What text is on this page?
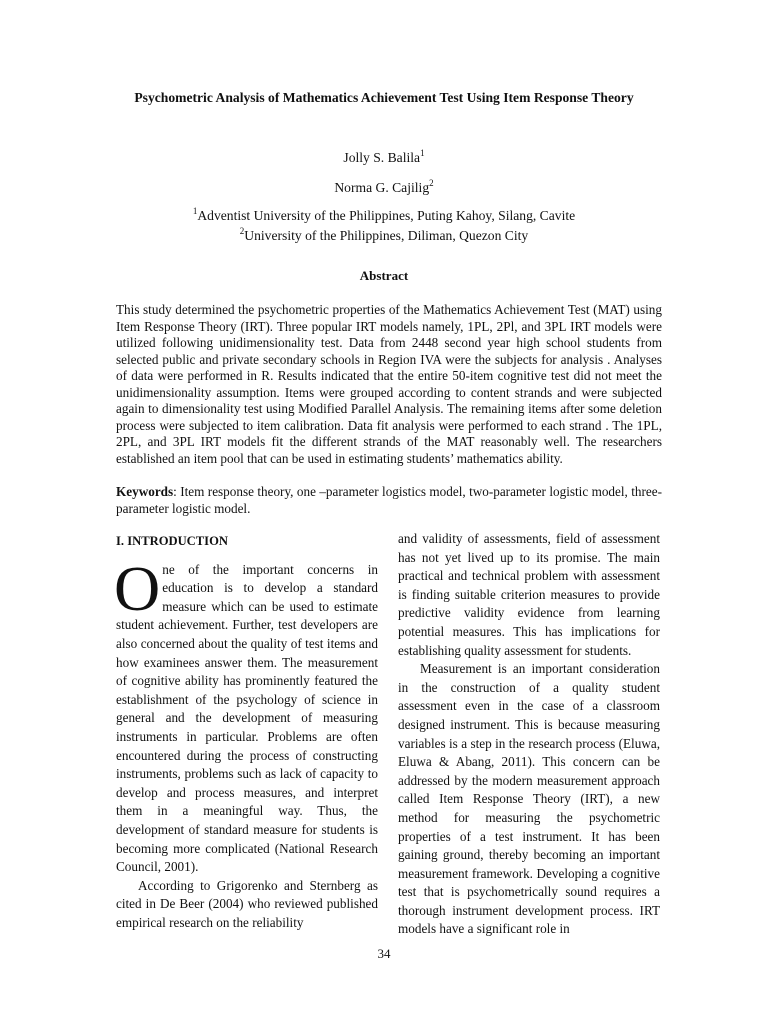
Psychometric Analysis of Mathematics Achievement Test Using Item Response Theory
Jolly S. Balila$^1$
Norma G. Cajilig$^2$
$^1$Adventist University of the Philippines, Puting Kahoy, Silang, Cavite
$^2$University of the Philippines, Diliman, Quezon City
Abstract
This study determined the psychometric properties of the Mathematics Achievement Test (MAT) using Item Response Theory (IRT). Three popular IRT models namely, 1PL, 2Pl, and 3PL IRT models were utilized following unidimensionality test. Data from 2448 second year high school students from selected public and private secondary schools in Region IVA were the subjects for analysis . Analyses of data were performed in R. Results indicated that the entire 50-item cognitive test did not meet the unidimensionality assumption. Items were grouped according to content strands and were subjected again to dimensionality test using Modified Parallel Analysis. The remaining items after some deletion process were subjected to item calibration. Data fit analysis were performed to each strand . The 1PL, 2PL, and 3PL IRT models fit the different strands of the MAT reasonably well. The researchers established an item pool that can be used in estimating students’ mathematics ability.
Keywords: Item response theory, one –parameter logistics model, two-parameter logistic model, three-parameter logistic model.
I. INTRODUCTION

One of the important concerns in education is to develop a standard measure which can be used to estimate student achievement. Further, test developers are also concerned about the quality of test items and how examinees answer them. The measurement of cognitive ability has prominently featured the establishment of the psychology of science in general and the development of measuring instruments in particular. Problems are often encountered during the process of constructing instruments, problems such as lack of capacity to develop and process measures, and interpret them in a meaningful way. Thus, the development of standard measure for students is becoming more complicated (National Research Council, 2001).

According to Grigorenko and Sternberg as cited in De Beer (2004) who reviewed published empirical research on the reliability

and validity of assessments, field of assessment has not yet lived up to its promise. The main practical and technical problem with assessment is finding suitable criterion measures to provide predictive validity evidence from learning potential measures. This has implications for establishing quality assessment for students.

Measurement is an important consideration in the construction of a quality student assessment even in the case of a classroom designed instrument. This is because measuring variables is a step in the research process (Eluwa, Eluwa & Abang, 2011). This concern can be addressed by the modern measurement approach called Item Response Theory (IRT), a new method for measuring the psychometric properties of a test instrument. It has been gaining ground, thereby becoming an important measurement framework. Developing a cognitive test that is psychometrically sound requires a thorough instrument development process. IRT models have a significant role in

34
